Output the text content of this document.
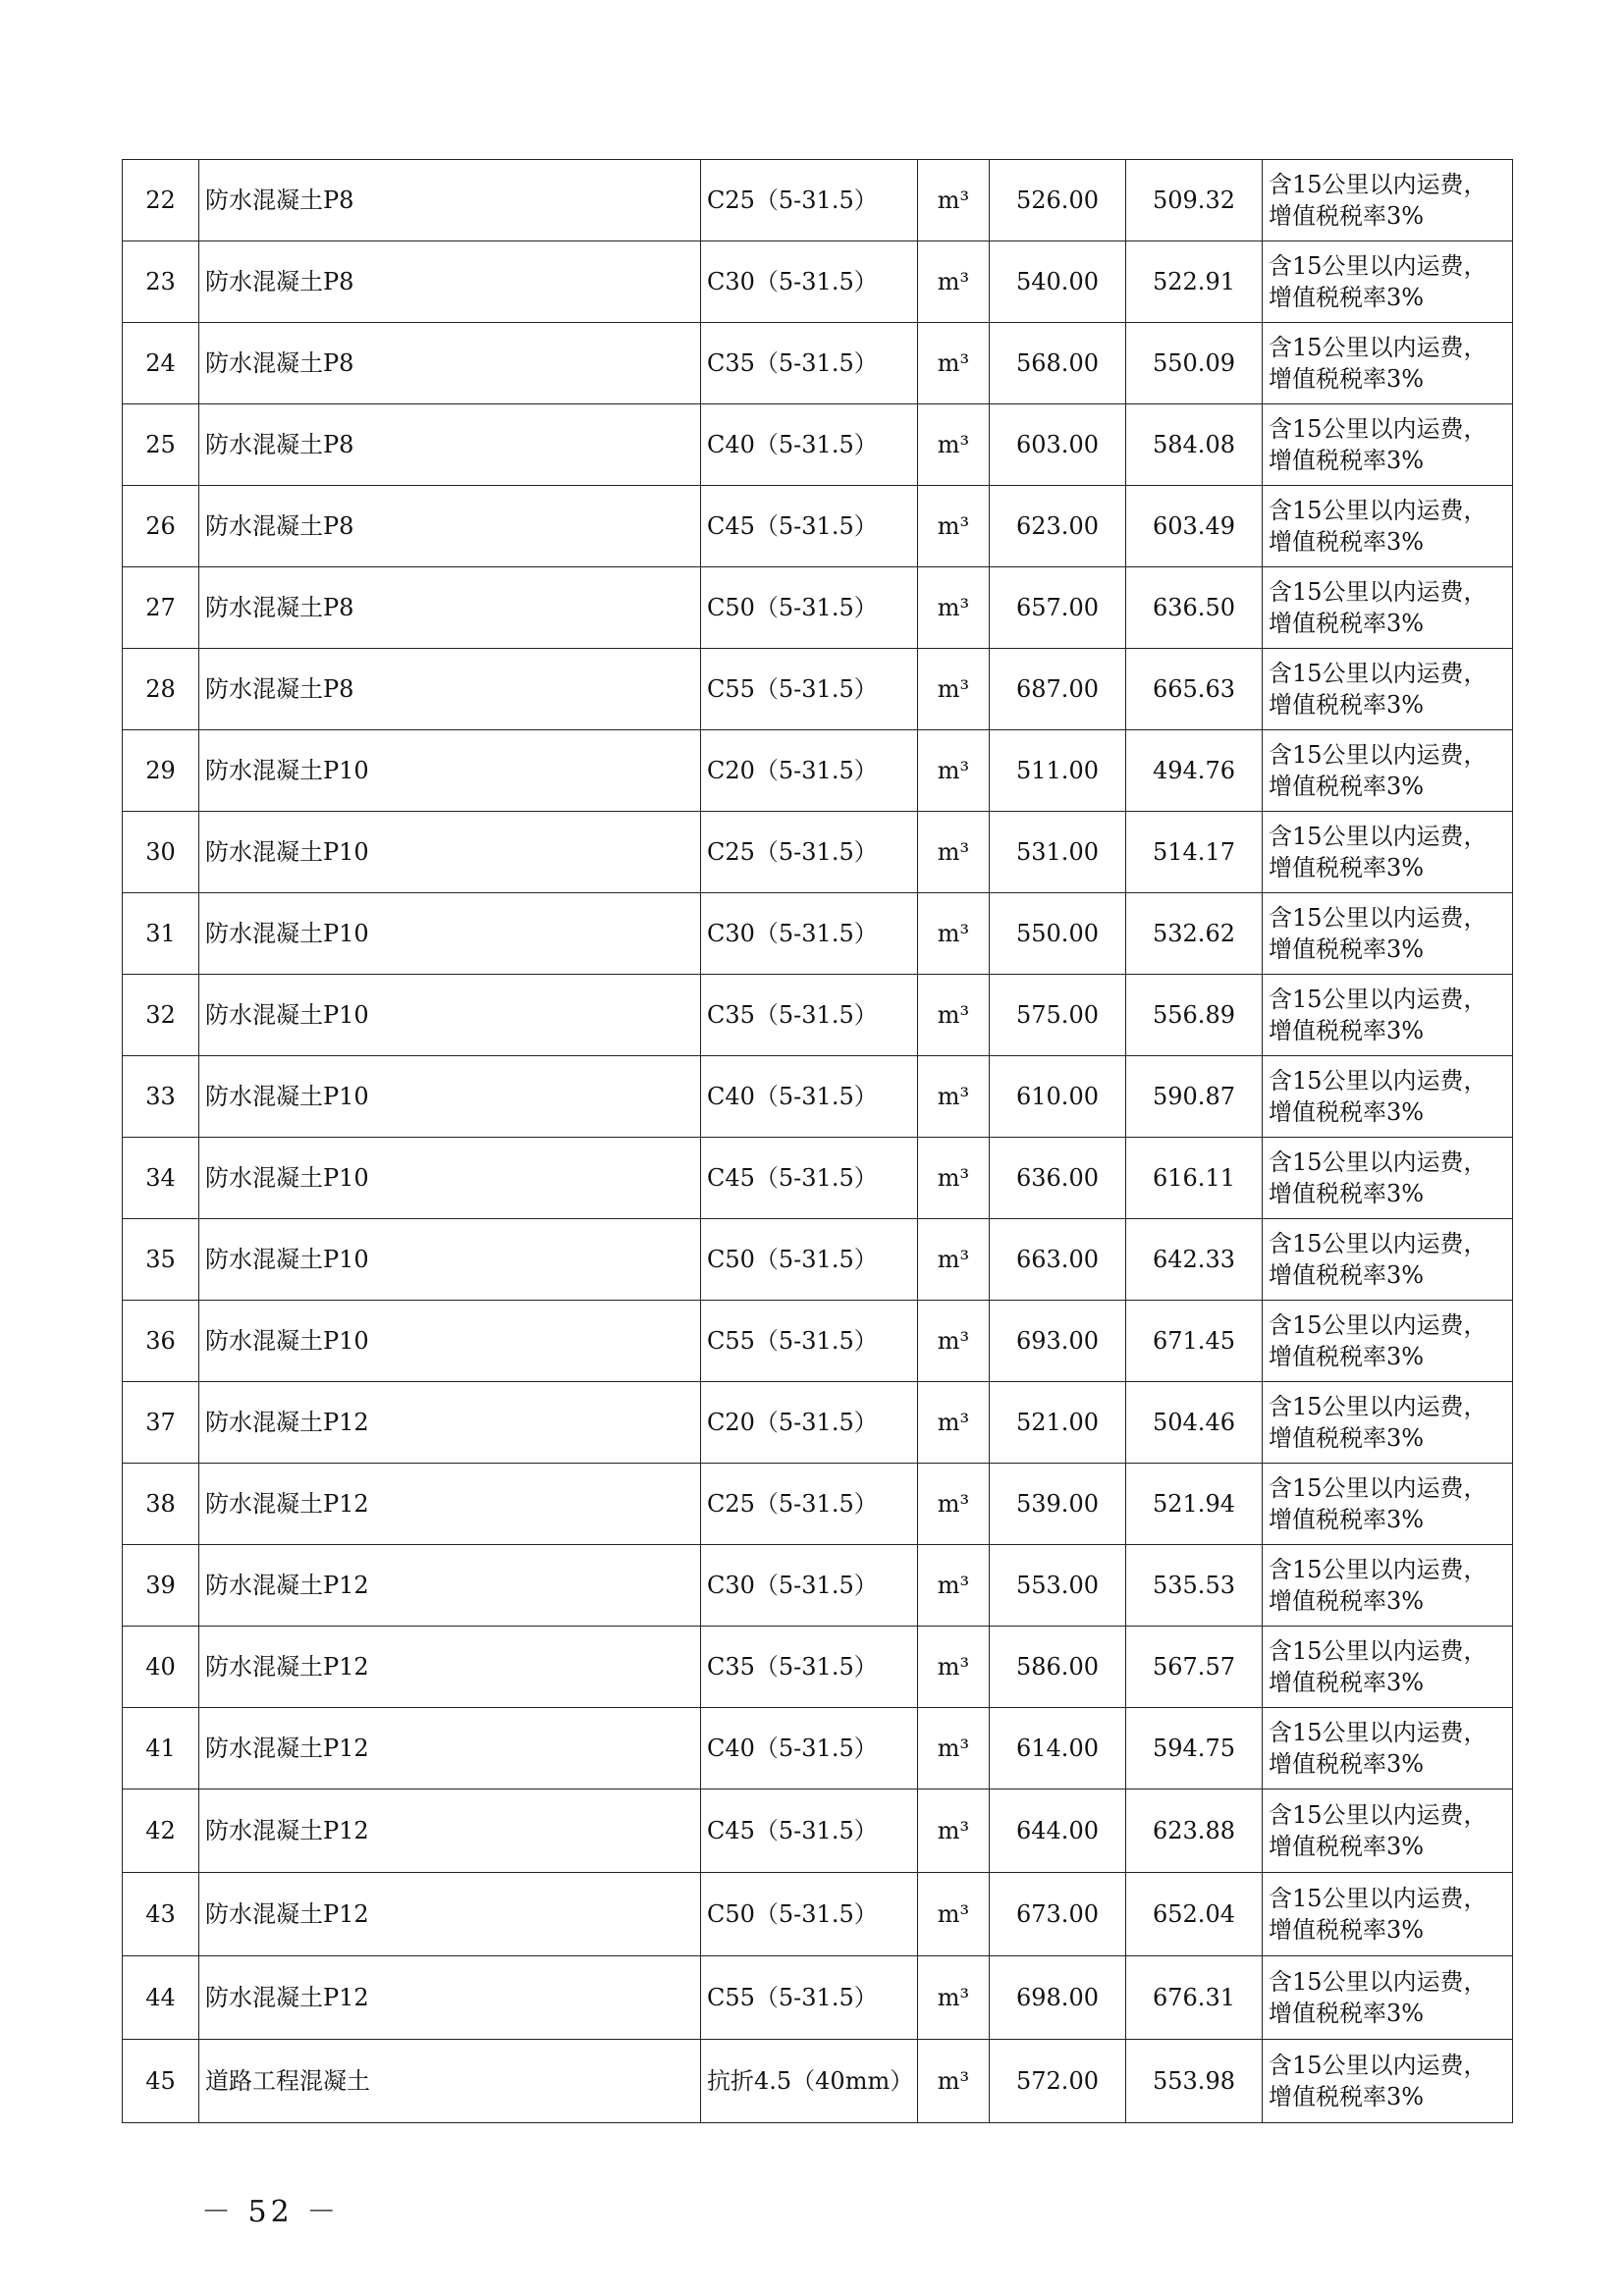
22	防水混凝土P8	C25（5-31.5）	m³	526.00	509.32	含15公里以内运费，
增值税税率3%
23	防水混凝土P8	C30（5-31.5）	m³	540.00	522.91	含15公里以内运费，
增值税税率3%
24	防水混凝土P8	C35（5-31.5）	m³	568.00	550.09	含15公里以内运费，
增值税税率3%
25	防水混凝土P8	C40（5-31.5）	m³	603.00	584.08	含15公里以内运费，
增值税税率3%
26	防水混凝土P8	C45（5-31.5）	m³	623.00	603.49	含15公里以内运费，
增值税税率3%
27	防水混凝土P8	C50（5-31.5）	m³	657.00	636.50	含15公里以内运费，
增值税税率3%
28	防水混凝土P8	C55（5-31.5）	m³	687.00	665.63	含15公里以内运费，
增值税税率3%
29	防水混凝土P10	C20（5-31.5）	m³	511.00	494.76	含15公里以内运费，
增值税税率3%
30	防水混凝土P10	C25（5-31.5）	m³	531.00	514.17	含15公里以内运费，
增值税税率3%
31	防水混凝土P10	C30（5-31.5）	m³	550.00	532.62	含15公里以内运费，
增值税税率3%
32	防水混凝土P10	C35（5-31.5）	m³	575.00	556.89	含15公里以内运费，
增值税税率3%
33	防水混凝土P10	C40（5-31.5）	m³	610.00	590.87	含15公里以内运费，
增值税税率3%
34	防水混凝土P10	C45（5-31.5）	m³	636.00	616.11	含15公里以内运费，
增值税税率3%
35	防水混凝土P10	C50（5-31.5）	m³	663.00	642.33	含15公里以内运费，
增值税税率3%
36	防水混凝土P10	C55（5-31.5）	m³	693.00	671.45	含15公里以内运费，
增值税税率3%
37	防水混凝土P12	C20（5-31.5）	m³	521.00	504.46	含15公里以内运费，
增值税税率3%
38	防水混凝土P12	C25（5-31.5）	m³	539.00	521.94	含15公里以内运费，
增值税税率3%
39	防水混凝土P12	C30（5-31.5）	m³	553.00	535.53	含15公里以内运费，
增值税税率3%
40	防水混凝土P12	C35（5-31.5）	m³	586.00	567.57	含15公里以内运费，
增值税税率3%
41	防水混凝土P12	C40（5-31.5）	m³	614.00	594.75	含15公里以内运费，
增值税税率3%
42	防水混凝土P12	C45（5-31.5）	m³	644.00	623.88	含15公里以内运费，
增值税税率3%
43	防水混凝土P12	C50（5-31.5）	m³	673.00	652.04	含15公里以内运费，
增值税税率3%
44	防水混凝土P12	C55（5-31.5）	m³	698.00	676.31	含15公里以内运费，
增值税税率3%
45	道路工程混凝土	抗折4.5（40mm）	m³	572.00	553.98	含15公里以内运费，
增值税税率3%
－ 52 －
